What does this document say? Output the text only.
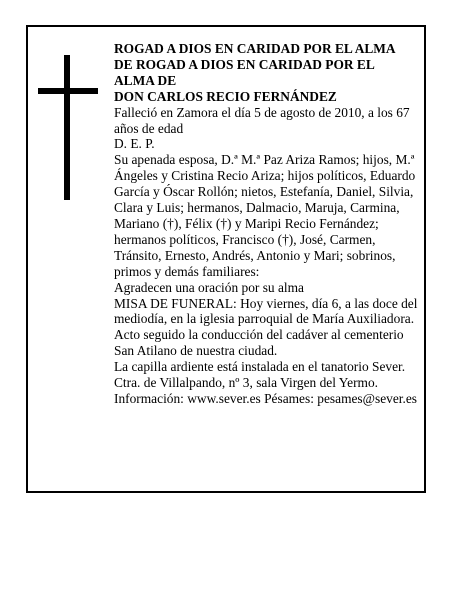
ROGAD A DIOS EN CARIDAD POR EL ALMA
DE ROGAD A DIOS EN CARIDAD POR EL
ALMA DE
DON CARLOS RECIO FERNÁNDEZ

Falleció en Zamora el día 5 de agosto de 2010, a los 67 años de edad

D. E. P.

Su apenada esposa, D.ª M.ª Paz Ariza Ramos; hijos, M.ª Ángeles y Cristina Recio Ariza; hijos políticos, Eduardo García y Óscar Rollón; nietos, Estefanía, Daniel, Silvia, Clara y Luis; hermanos, Dalmacio, Maruja, Carmina, Mariano (†), Félix (†) y Maripi Recio Fernández; hermanos políticos, Francisco (†), José, Carmen, Tránsito, Ernesto, Andrés, Antonio y Mari; sobrinos, primos y demás familiares:

Agradecen una oración por su alma

MISA DE FUNERAL: Hoy viernes, día 6, a las doce del mediodía, en la iglesia parroquial de María Auxiliadora. Acto seguido la conducción del cadáver al cementerio San Atilano de nuestra ciudad.

La capilla ardiente está instalada en el tanatorio Sever. Ctra. de Villalpando, nº 3, sala Virgen del Yermo.

Información: www.sever.es Pésames: pesames@sever.es
